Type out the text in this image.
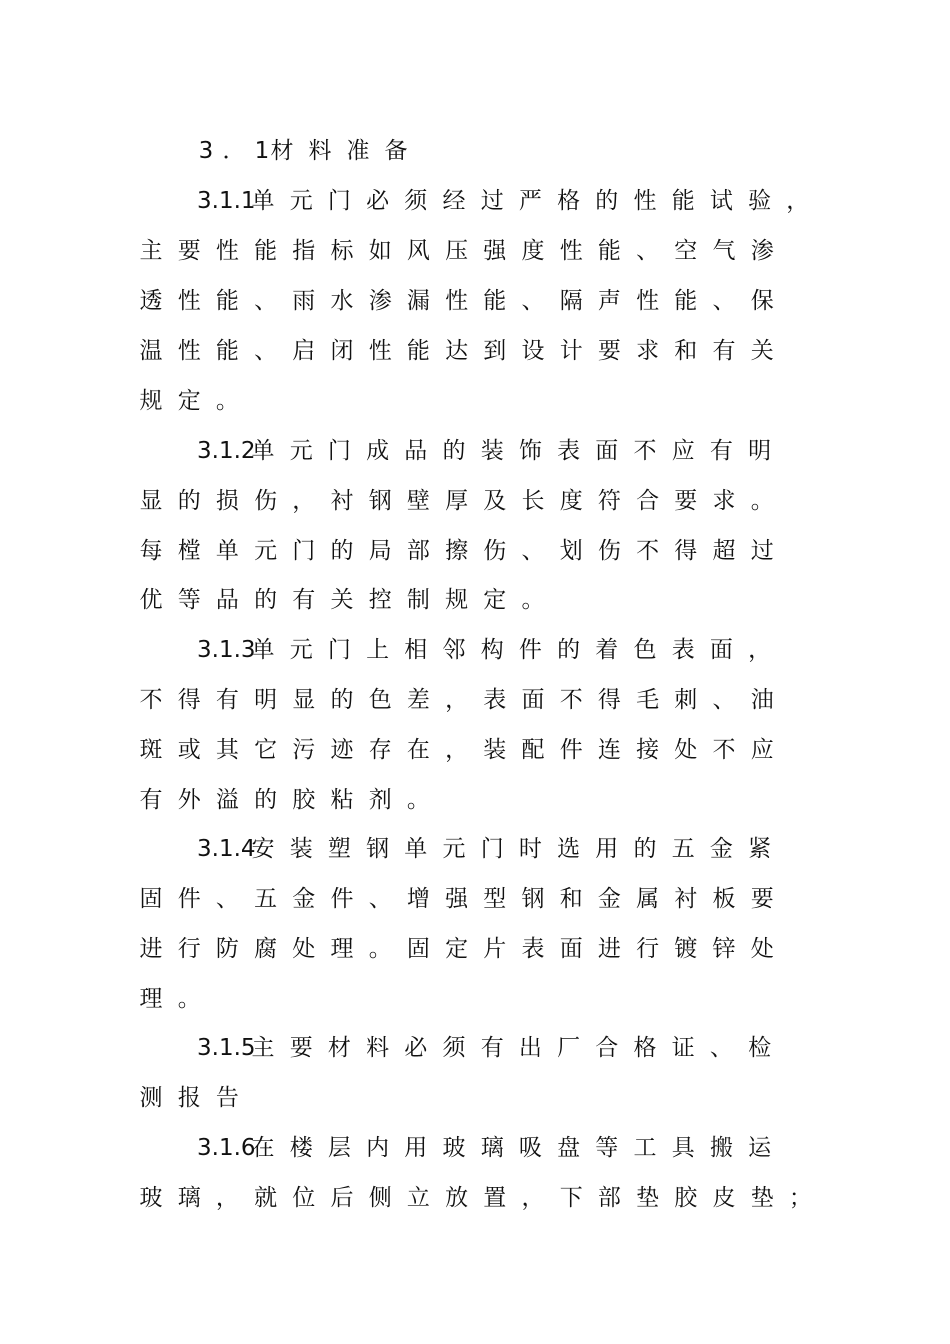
3 ． 1 材 料 准 备
3.1.1
单 元 门 必 须 经 过 严 格 的 性 能 试 验 ，
主 要 性 能 指 标 如 风 压 强 度 性 能 、 空 气 渗
透 性 能 、 雨 水 渗 漏 性 能 、 隔 声 性 能 、 保
温 性 能 、 启 闭 性 能 达 到 设 计 要 求 和 有 关
规 定 。
3.1.2
单 元 门 成 品 的 装 饰 表 面 不 应 有 明
显 的 损 伤 ， 衬 钢 壁 厚 及 长 度 符 合 要 求 。
每 樘 单 元 门 的 局 部 擦 伤 、 划 伤 不 得 超 过
优 等 品 的 有 关 控 制 规 定 。
3.1.3
单 元 门 上 相 邻 构 件 的 着 色 表 面 ，
不 得 有 明 显 的 色 差 ， 表 面 不 得 毛 刺 、 油
斑 或 其 它 污 迹 存 在 ， 装 配 件 连 接 处 不 应
有 外 溢 的 胶 粘 剂 。
3.1.4
安 装 塑 钢 单 元 门 时 选 用 的 五 金 紧
固 件 、 五 金 件 、 增 强 型 钢 和 金 属 衬 板 要
进 行 防 腐 处 理 。 固 定 片 表 面 进 行 镀 锌 处
理 。
3.1.5
主 要 材 料 必 须 有 出 厂 合 格 证 、 检
测 报 告
3.1.6
在 楼 层 内 用 玻 璃 吸 盘 等 工 具 搬 运
玻 璃 ， 就 位 后 侧 立 放 置 ， 下 部 垫 胶 皮 垫 ；
